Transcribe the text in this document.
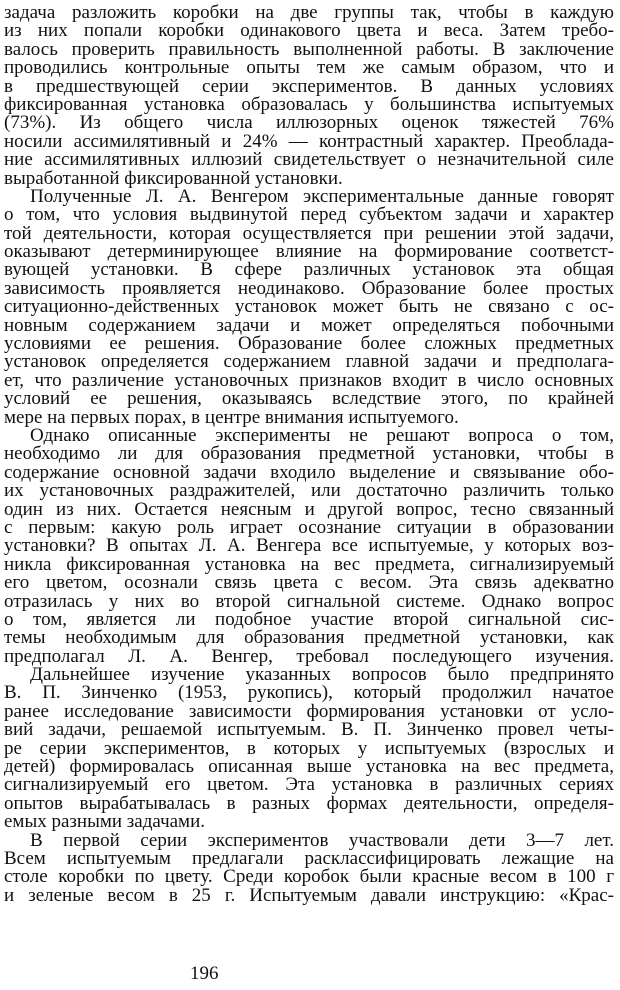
задача разложить коробки на две группы так, чтобы в каждую
из них попали коробки одинакового цвета и веса. Затем требо-
валось проверить правильность выполненной работы. В заключение
проводились контрольные опыты тем же самым образом, что и
в предшествующей серии экспериментов. В данных условиях
фиксированная установка образовалась у большинства испытуемых
(73%). Из общего числа иллюзорных оценок тяжестей 76%
носили ассимилятивный и 24% — контрастный характер. Преоблада-
ние ассимилятивных иллюзий свидетельствует о незначительной силе
выработанной фиксированной установки.
Полученные Л. А. Венгером экспериментальные данные говорят
о том, что условия выдвинутой перед субъектом задачи и характер
той деятельности, которая осуществляется при решении этой задачи,
оказывают детерминирующее влияние на формирование соответст-
вующей установки. В сфере различных установок эта общая
зависимость проявляется неодинаково. Образование более простых
ситуационно-действенных установок может быть не связано с ос-
новным содержанием задачи и может определяться побочными
условиями ее решения. Образование более сложных предметных
установок определяется содержанием главной задачи и предполага-
ет, что различение установочных признаков входит в число основных
условий ее решения, оказываясь вследствие этого, по крайней
мере на первых порах, в центре внимания испытуемого.
Однако описанные эксперименты не решают вопроса о том,
необходимо ли для образования предметной установки, чтобы в
содержание основной задачи входило выделение и связывание обо-
их установочных раздражителей, или достаточно различить только
один из них. Остается неясным и другой вопрос, тесно связанный
с первым: какую роль играет осознание ситуации в образовании
установки? В опытах Л. А. Венгера все испытуемые, у которых воз-
никла фиксированная установка на вес предмета, сигнализируемый
его цветом, осознали связь цвета с весом. Эта связь адекватно
отразилась у них во второй сигнальной системе. Однако вопрос
о том, является ли подобное участие второй сигнальной сис-
темы необходимым для образования предметной установки, как
предполагал Л. А. Венгер, требовал последующего изучения.
Дальнейшее изучение указанных вопросов было предпринято
В. П. Зинченко (1953, рукопись), который продолжил начатое
ранее исследование зависимости формирования установки от усло-
вий задачи, решаемой испытуемым. В. П. Зинченко провел четы-
ре серии экспериментов, в которых у испытуемых (взрослых и
детей) формировалась описанная выше установка на вес предмета,
сигнализируемый его цветом. Эта установка в различных сериях
опытов вырабатывалась в разных формах деятельности, определя-
емых разными задачами.
В первой серии экспериментов участвовали дети 3—7 лет.
Всем испытуемым предлагали расклассифицировать лежащие на
столе коробки по цвету. Среди коробок были красные весом в 100 г
и зеленые весом в 25 г. Испытуемым давали инструкцию: «Крас-
196
